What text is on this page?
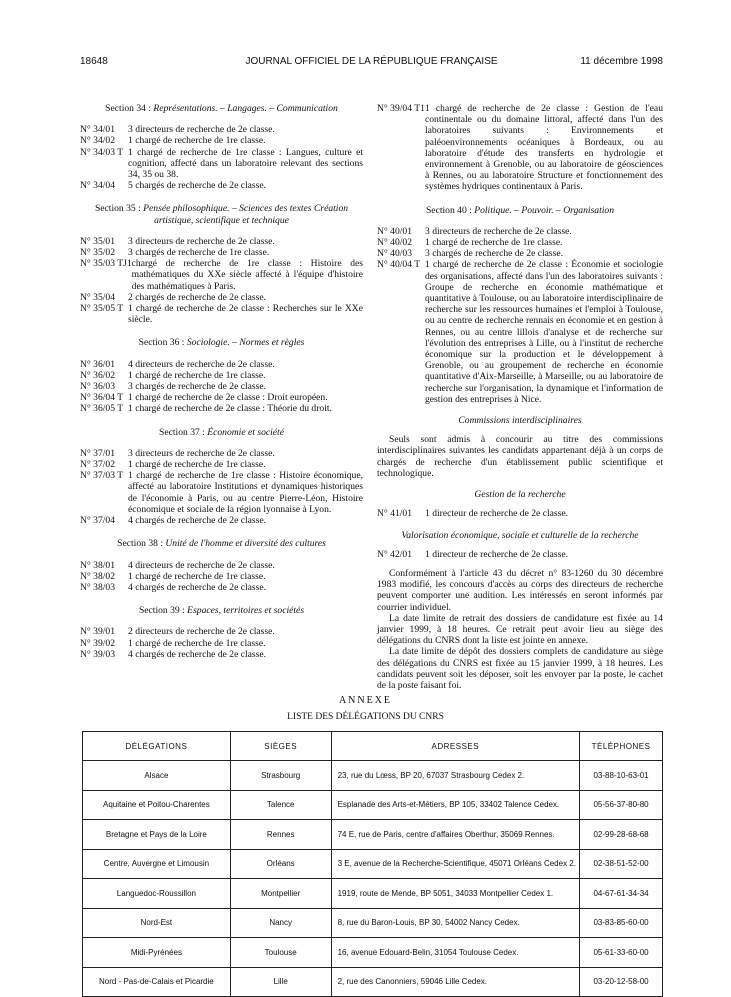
18648	JOURNAL OFFICIEL DE LA RÉPUBLIQUE FRANÇAISE	11 décembre 1998
Section 34 : Représentations. – Langages. – Communication
N° 34/01	3 directeurs de recherche de 2e classe.
N° 34/02	1 chargé de recherche de 1re classe.
N° 34/03 T 1 chargé de recherche de 1re classe : Langues, culture et cognition, affecté dans un laboratoire relevant des sections 34, 35 ou 38.
N° 34/04	5 chargés de recherche de 2e classe.
Section 35 : Pensée philosophique. – Sciences des textes Création artistique, scientifique et technique
N° 35/01	3 directeurs de recherche de 2e classe.
N° 35/02	3 chargés de recherche de 1re classe.
N° 35/03 TJ1 chargé de recherche de 1re classe : Histoire des mathématiques du XXe siècle affecté à l'équipe d'histoire des mathématiques à Paris.
N° 35/04	2 chargés de recherche de 2e classe.
N° 35/05 T 1 chargé de recherche de 2e classe : Recherches sur le XXe siècle.
Section 36 : Sociologie. – Normes et règles
N° 36/01	4 directeurs de recherche de 2e classe.
N° 36/02	1 chargé de recherche de 1re classe.
N° 36/03	3 chargés de recherche de 2e classe.
N° 36/04 T 1 chargé de recherche de 2e classe : Droit européen.
N° 36/05 T 1 chargé de recherche de 2e classe : Théorie du droit.
Section 37 : Économie et société
N° 37/01	3 directeurs de recherche de 2e classe.
N° 37/02	1 chargé de recherche de 1re classe.
N° 37/03 T 1 chargé de recherche de 1re classe : Histoire économique, affecté au laboratoire Institutions et dynamiques historiques de l'économie à Paris, ou au centre Pierre-Léon, Histoire économique et sociale de la région lyonnaise à Lyon.
N° 37/04	4 chargés de recherche de 2e classe.
Section 38 : Unité de l'homme et diversité des cultures
N° 38/01	4 directeurs de recherche de 2e classe.
N° 38/02	1 chargé de recherche de 1re classe.
N° 38/03	4 chargés de recherche de 2e classe.
Section 39 : Espaces, territoires et sociétés
N° 39/01	2 directeurs de recherche de 2e classe.
N° 39/02	1 chargé de recherche de 1re classe.
N° 39/03	4 chargés de recherche de 2e classe.
N° 39/04 T1 1 chargé de recherche de 2e classe : Gestion de l'eau continentale ou du domaine littoral, affecté dans l'un des laboratoires suivants : Environnements et paléoenvironnements océaniques à Bordeaux, ou au laboratoire d'étude des transferts en hydrologie et environnement à Grenoble, ou au laboratoire de géosciences à Rennes, ou au laboratoire Structure et fonctionnement des systèmes hydriques continentaux à Paris.
Section 40 : Politique. – Pouvoir. – Organisation
N° 40/01	3 directeurs de recherche de 2e classe.
N° 40/02	1 chargé de recherche de 1re classe.
N° 40/03	3 chargés de recherche de 2e classe.
N° 40/04 T 1 chargé de recherche de 2e classe : Économie et sociologie des organisations, affecté dans l'un des laboratoires suivants : Groupe de recherche en économie mathématique et quantitative à Toulouse, ou au laboratoire interdisciplinaire de recherche sur les ressources humaines et l'emploi à Toulouse, ou au centre de recherche rennais en économie et en gestion à Rennes, ou au centre lillois d'analyse et de recherche sur l'évolution des entreprises à Lille, ou à l'institut de recherche économique sur la production et le développement à Grenoble, ou au groupement de recherche en économie quantitative d'Aix-Marseille, à Marseille, ou au laboratoire de recherche sur l'organisation, la dynamique et l'information de gestion des entreprises à Nice.
Commissions interdisciplinaires
Seuls sont admis à concourir au titre des commissions interdisciplinaires suivantes les candidats appartenant déjà à un corps de chargés de recherche d'un établissement public scientifique et technologique.
Gestion de la recherche
N° 41/01	1 directeur de recherche de 2e classe.
Valorisation économique, sociale et culturelle de la recherche
N° 42/01	1 directeur de recherche de 2e classe.
Conformément à l'article 43 du décret n° 83-1260 du 30 décembre 1983 modifié, les concours d'accès au corps des directeurs de recherche peuvent comporter une audition. Les intéressés en seront informés par courrier individuel.
La date limite de retrait des dossiers de candidature est fixée au 14 janvier 1999, à 18 heures. Ce retrait peut avoir lieu au siège des délégations du CNRS dont la liste est jointe en annexe.
La date limite de dépôt des dossiers complets de candidature au siège des délégations du CNRS est fixée au 15 janvier 1999, à 18 heures. Les candidats peuvent soit les déposer, soit les envoyer par la poste, le cachet de la poste faisant foi.
ANNEXE
LISTE DES DÉLÉGATIONS DU CNRS
DÉLÉGATIONS	SIÈGES	ADRESSES	TÉLÉPHONES
Alsace	Strasbourg	23, rue du Lœss, BP 20, 67037 Strasbourg Cedex 2.	03-88-10-63-01
Aquitaine et Poitou-Charentes	Talence	Esplanade des Arts-et-Métiers, BP 105, 33402 Talence Cedex.	05-56-37-80-80
Bretagne et Pays de la Loire	Rennes	74 E, rue de Paris, centre d'affaires Oberthur, 35069 Rennes.	02-99-28-68-68
Centre, Auvergne et Limousin	Orléans	3 E, avenue de la Recherche-Scientifique, 45071 Orléans Cedex 2.	02-38-51-52-00
Languedoc-Roussillon	Montpellier	1919, route de Mende, BP 5051, 34033 Montpellier Cedex 1.	04-67-61-34-34
Nord-Est	Nancy	8, rue du Baron-Louis, BP 30, 54002 Nancy Cedex.	03-83-85-60-00
Midi-Pyrénées	Toulouse	16, avenue Edouard-Belin, 31054 Toulouse Cedex.	05-61-33-60-00
Nord - Pas-de-Calais et Picardie	Lille	2, rue des Canonniers, 59046 Lille Cedex.	03-20-12-58-00
